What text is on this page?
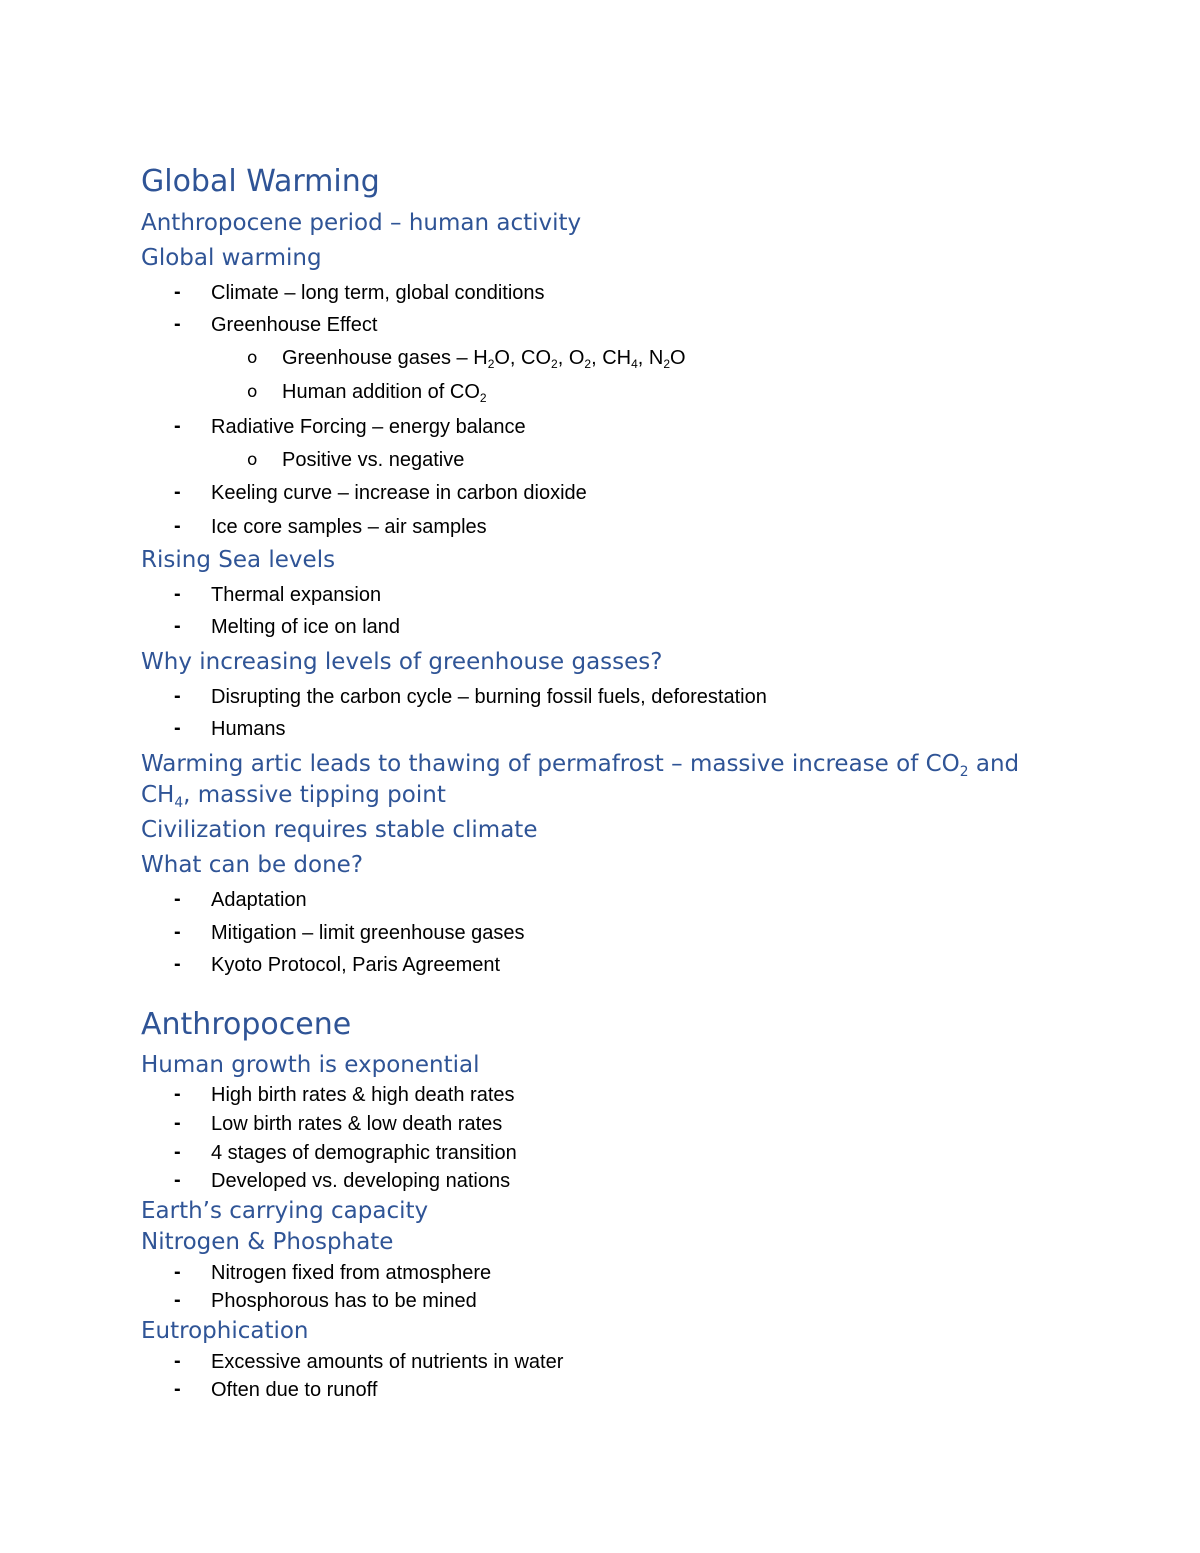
Global Warming
Anthropocene period – human activity
Global warming
- Climate – long term, global conditions
- Greenhouse Effect
o Greenhouse gases – $H_2O$, $CO_2$, $O_2$, $CH_4$, $N_2O$
o Human addition of $CO_2$
- Radiative Forcing – energy balance
o Positive vs. negative
- Keeling curve – increase in carbon dioxide
- Ice core samples – air samples
Rising Sea levels
- Thermal expansion
- Melting of ice on land
Why increasing levels of greenhouse gasses?
- Disrupting the carbon cycle – burning fossil fuels, deforestation
- Humans
Warming artic leads to thawing of permafrost – massive increase of $CO_2$ and
$CH_4$, massive tipping point
Civilization requires stable climate
What can be done?
- Adaptation
- Mitigation – limit greenhouse gases
- Kyoto Protocol, Paris Agreement
Anthropocene
Human growth is exponential
- High birth rates & high death rates
- Low birth rates & low death rates
- 4 stages of demographic transition
- Developed vs. developing nations
Earth’s carrying capacity
Nitrogen & Phosphate
- Nitrogen fixed from atmosphere
- Phosphorous has to be mined
Eutrophication
- Excessive amounts of nutrients in water
- Often due to runoff
